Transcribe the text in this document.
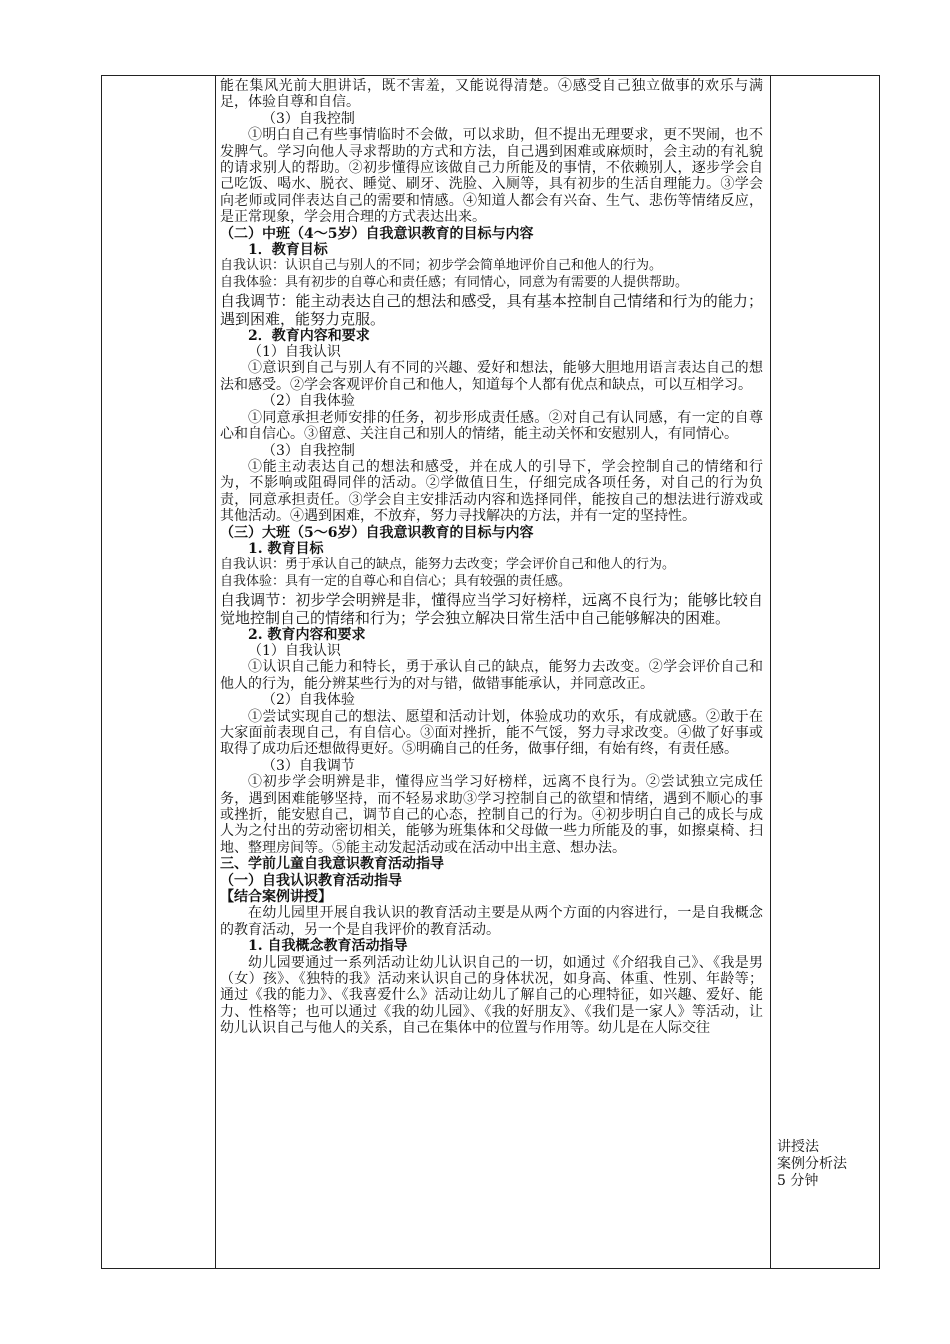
能在集风光前大胆讲话，既不害羞，又能说得清楚。④感受自己独立做事的欢乐与满足，体验自尊和自信。

（3）自我控制

①明白自己有些事情临时不会做，可以求助，但不提出无理要求，更不哭闹，也不发脾气。学习向他人寻求帮助的方式和方法，自己遇到困难或麻烦时，会主动的有礼貌的请求别人的帮助。②初步懂得应该做自己力所能及的事情，不依赖别人，逐步学会自己吃饭、喝水、脱衣、睡觉、刷牙、洗脸、入厕等，具有初步的生活自理能力。③学会向老师或同伴表达自己的需要和情感。④知道人都会有兴奋、生气、悲伤等情绪反应，是正常现象，学会用合理的方式表达出来。

（二）中班（4～5岁）自我意识教育的目标与内容

1．教育目标

自我认识：认识自己与别人的不同；初步学会简单地评价自己和他人的行为。

自我体验：具有初步的自尊心和责任感；有同情心，同意为有需要的人提供帮助。

自我调节：能主动表达自己的想法和感受，具有基本控制自己情绪和行为的能力；遇到困难，能努力克服。

2．教育内容和要求

（1）自我认识

①意识到自己与别人有不同的兴趣、爱好和想法，能够大胆地用语言表达自己的想法和感受。②学会客观评价自己和他人，知道每个人都有优点和缺点，可以互相学习。

（2）自我体验

①同意承担老师安排的任务，初步形成责任感。②对自己有认同感，有一定的自尊心和自信心。③留意、关注自己和别人的情绪，能主动关怀和安慰别人，有同情心。

（3）自我控制

①能主动表达自己的想法和感受，并在成人的引导下，学会控制自己的情绪和行为，不影响或阻碍同伴的活动。②学做值日生，仔细完成各项任务，对自己的行为负责，同意承担责任。③学会自主安排活动内容和选择同伴，能按自己的想法进行游戏或其他活动。④遇到困难，不放弃，努力寻找解决的方法，并有一定的坚持性。

（三）大班（5～6岁）自我意识教育的目标与内容

1. 教育目标

自我认识：勇于承认自己的缺点，能努力去改变；学会评价自己和他人的行为。

自我体验：具有一定的自尊心和自信心；具有较强的责任感。

自我调节：初步学会明辨是非，懂得应当学习好榜样，远离不良行为；能够比较自觉地控制自己的情绪和行为；学会独立解决日常生活中自己能够解决的困难。

2. 教育内容和要求

（1）自我认识

①认识自己能力和特长，勇于承认自己的缺点，能努力去改变。②学会评价自己和他人的行为，能分辨某些行为的对与错，做错事能承认，并同意改正。

（2）自我体验

①尝试实现自己的想法、愿望和活动计划，体验成功的欢乐，有成就感。②敢于在大家面前表现自己，有自信心。③面对挫折，能不气馁，努力寻求改变。④做了好事或取得了成功后还想做得更好。⑤明确自己的任务，做事仔细，有始有终，有责任感。

（3）自我调节

①初步学会明辨是非，懂得应当学习好榜样，远离不良行为。②尝试独立完成任务，遇到困难能够坚持，而不轻易求助③学习控制自己的欲望和情绪，遇到不顺心的事或挫折，能安慰自己，调节自己的心态，控制自己的行为。④初步明白自己的成长与成人为之付出的劳动密切相关，能够为班集体和父母做一些力所能及的事，如擦桌椅、扫地、整理房间等。⑤能主动发起活动或在活动中出主意、想办法。

三、学前儿童自我意识教育活动指导

（一）自我认识教育活动指导

【结合案例讲授】

在幼儿园里开展自我认识的教育活动主要是从两个方面的内容进行，一是自我概念的教育活动，另一个是自我评价的教育活动。

1. 自我概念教育活动指导

幼儿园要通过一系列活动让幼儿认识自己的一切，如通过《介绍我自己》、《我是男（女）孩》、《独特的我》活动来认识自己的身体状况，如身高、体重、性别、年龄等；通过《我的能力》、《我喜爱什么》活动让幼儿了解自己的心理特征，如兴趣、爱好、能力、性格等；也可以通过《我的幼儿园》、《我的好朋友》、《我们是一家人》等活动，让幼儿认识自己与他人的关系，自己在集体中的位置与作用等。幼儿是在人际交往

讲授法
案例分析法
5 分钟
